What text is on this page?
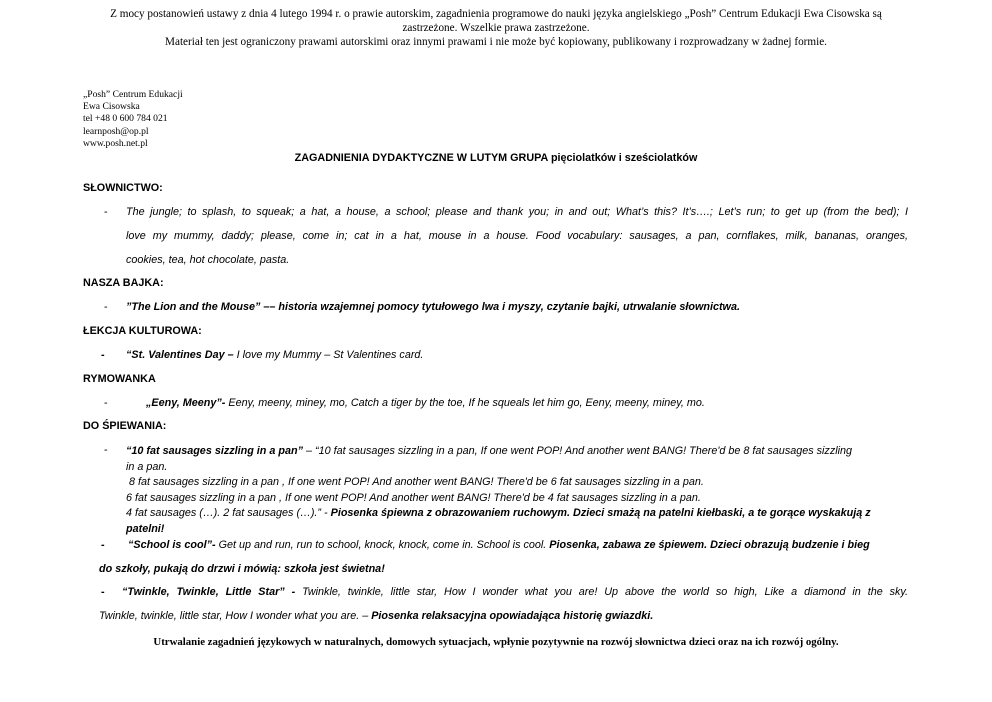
Z mocy postanowień ustawy z dnia 4 lutego 1994 r. o prawie autorskim, zagadnienia programowe do nauki języka angielskiego „Posh” Centrum Edukacji Ewa Cisowska są
zastrzeżone. Wszelkie prawa zastrzeżone.
Materiał ten jest ograniczony prawami autorskimi oraz innymi prawami i nie może być kopiowany, publikowany i rozprowadzany w żadnej formie.
„Posh” Centrum Edukacji
Ewa Cisowska
tel +48 0 600 784 021
learnposh@op.pl
www.posh.net.pl
ZAGADNIENIA DYDAKTYCZNE W LUTYM GRUPA pięciolatków i sześciolatków
SŁOWNICTWO:
- The jungle; to splash, to squeak; a hat, a house, a school; please and thank you; in and out; What’s this? It’s….; Let’s run; to get up (from the bed); I
love my mummy, daddy; please, come in; cat in a hat, mouse in a house. Food vocabulary: sausages, a pan, cornflakes, milk, bananas, oranges,
cookies, tea, hot chocolate, pasta.
NASZA BAJKA:
- ”The Lion and the Mouse” –– historia wzajemnej pomocy tytułowego lwa i myszy, czytanie bajki, utrwalanie słownictwa.
ŁEKCJA KULTUROWA:
- “St. Valentines Day – I love my Mummy – St Valentines card.
RYMOWANKA
-	„Eeny, Meeny”- Eeny, meeny, miney, mo, Catch a tiger by the toe, If he squeals let him go, Eeny, meeny, miney, mo.
DO ŚPIEWANIA:
- “10 fat sausages sizzling in a pan” – “10 fat sausages sizzling in a pan, If one went POP! And another went BANG! There'd be 8 fat sausages sizzling
in a pan.
8 fat sausages sizzling in a pan , If one went POP! And another went BANG! There'd be 6 fat sausages sizzling in a pan.
6 fat sausages sizzling in a pan , If one went POP! And another went BANG! There'd be 4 fat sausages sizzling in a pan.
4 fat sausages (…). 2 fat sausages (…).” - Piosenka śpiewna z obrazowaniem ruchowym. Dzieci smażą na patelni kiełbaski, a te gorące wyskakują z
patelni!
- “School is cool”- Get up and run, run to school, knock, knock, come in. School is cool. Piosenka, zabawa ze śpiewem. Dzieci obrazują budzenie i bieg
do szkoły, pukają do drzwi i mówią: szkoła jest świetna!
- “Twinkle, Twinkle, Little Star” - Twinkle, twinkle, little star, How I wonder what you are! Up above the world so high, Like a diamond in the sky.
Twinkle, twinkle, little star, How I wonder what you are. – Piosenka relaksacyjna opowiadająca historię gwiazdki.
Utrwalanie zagadnień językowych w naturalnych, domowych sytuacjach, wpłynie pozytywnie na rozwój słownictwa dzieci oraz na ich rozwój ogólny.
